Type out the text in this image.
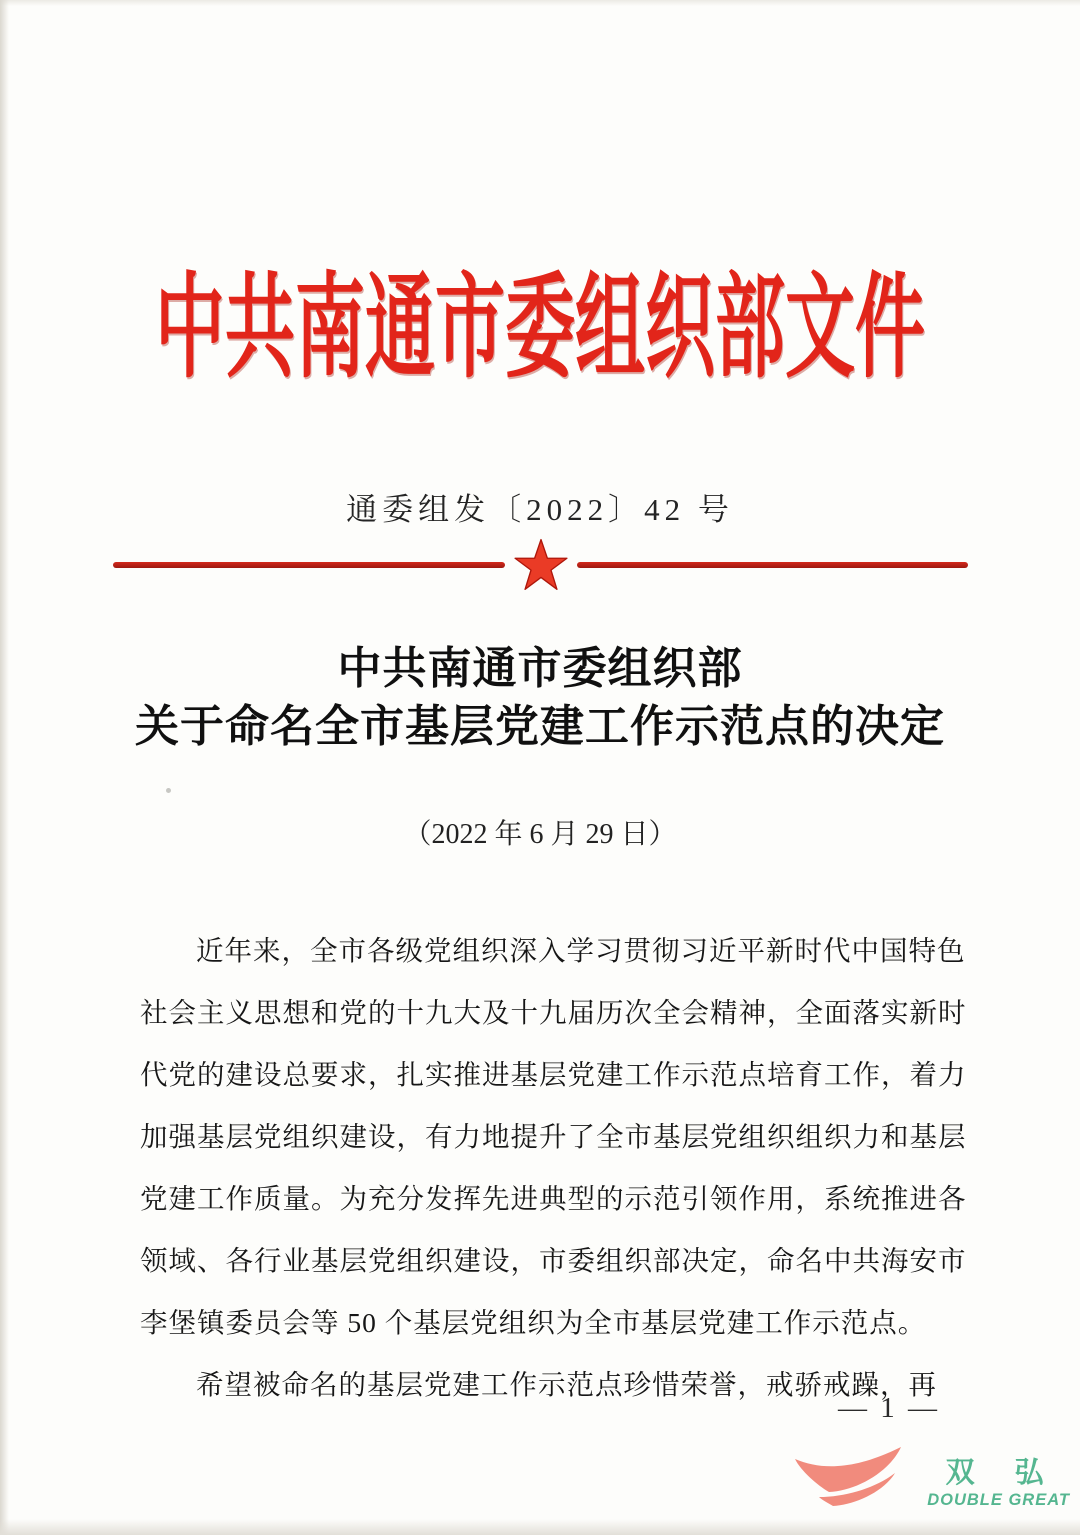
中共南通市委组织部文件
通委组发〔2022〕42 号
中共南通市委组织部
关于命名全市基层党建工作示范点的决定
（2022 年 6 月 29 日）
近年来，全市各级党组织深入学习贯彻习近平新时代中国特色
社会主义思想和党的十九大及十九届历次全会精神，全面落实新时
代党的建设总要求，扎实推进基层党建工作示范点培育工作，着力
加强基层党组织建设，有力地提升了全市基层党组织组织力和基层
党建工作质量。为充分发挥先进典型的示范引领作用，系统推进各
领域、各行业基层党组织建设，市委组织部决定，命名中共海安市
李堡镇委员会等 50 个基层党组织为全市基层党建工作示范点。
希望被命名的基层党建工作示范点珍惜荣誉，戒骄戒躁，再
— 1 —
双 弘
DOUBLE GREAT
